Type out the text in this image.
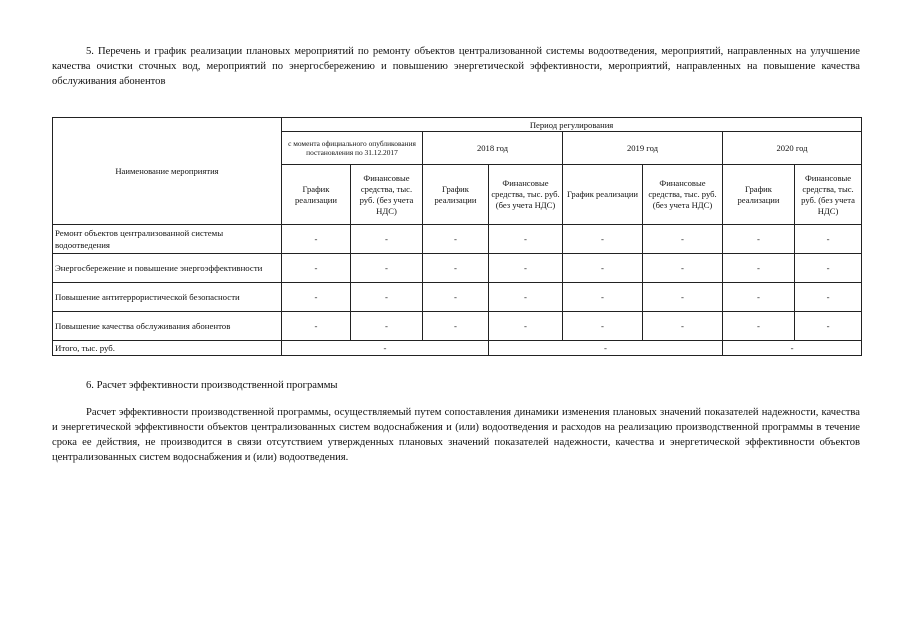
5. Перечень и график реализации плановых мероприятий по ремонту объектов централизованной системы водоотведения, мероприятий, направленных на улучшение качества очистки сточных вод, мероприятий по энергосбережению и повышению энергетической эффективности, мероприятий, направленных на повышение качества обслуживания абонентов

Наименование мероприятия	Период регулирования							
	с момента официального опубликования постановления по 31.12.2017		2018 год		2019 год		2020 год	
	График реализации	Финансовые средства, тыс. руб. (без учета НДС)	График реализации	Финансовые средства, тыс. руб. (без учета НДС)	График реализации	Финансовые средства, тыс. руб. (без учета НДС)	График реализации	Финансовые средства, тыс. руб. (без учета НДС)
Ремонт объектов централизованной системы водоотведения	-	-	-	-	-	-	-	-
Энергосбережение и повышение энергоэффективности	-	-	-	-	-	-	-	-
Повышение антитеррористической безопасности	-	-	-	-	-	-	-	-
Повышение качества обслуживания абонентов	-	-	-	-	-	-	-	-
Итого, тыс. руб.	-			-			-	

6. Расчет эффективности производственной программы

Расчет эффективности производственной программы, осуществляемый путем сопоставления динамики изменения плановых значений показателей надежности, качества и энергетической эффективности объектов централизованных систем водоснабжения и (или) водоотведения и расходов на реализацию производственной программы в течение срока ее действия, не производится в связи отсутствием утвержденных плановых значений показателей надежности, качества и энергетической эффективности объектов централизованных систем водоснабжения и (или) водоотведения.
